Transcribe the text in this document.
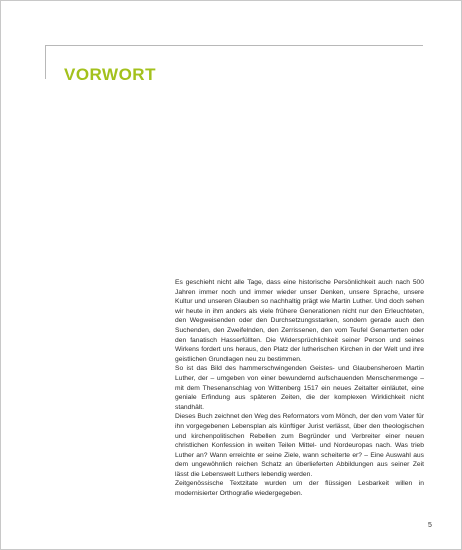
VORWORT

Es geschieht nicht alle Tage, dass eine historische Persönlichkeit auch nach 500 Jahren immer noch und immer wieder unser Denken, unsere Sprache, unsere Kultur und unseren Glauben so nachhaltig prägt wie Martin Luther. Und doch sehen wir heute in ihm anders als viele frühere Generationen nicht nur den Erleuchteten, den Wegweisenden oder den Durchsetzungsstarken, sondern gerade auch den Suchenden, den Zweifelnden, den Zerrissenen, den vom Teufel Genarrterten oder den fanatisch Hasserfüllten. Die Widersprüchlichkeit seiner Person und seines Wirkens fordert uns heraus, den Platz der lutherischen Kirchen in der Welt und ihre geistlichen Grundlagen neu zu bestimmen.

So ist das Bild des hammerschwingenden Geistes- und Glaubensheroen Martin Luther, der – umgeben von einer bewundernd aufschauenden Menschenmenge – mit dem Thesenanschlag von Wittenberg 1517 ein neues Zeitalter einläutet, eine geniale Erfindung aus späteren Zeiten, die der komplexen Wirklichkeit nicht standhält.

Dieses Buch zeichnet den Weg des Reformators vom Mönch, der den vom Vater für ihn vorgegebenen Lebensplan als künftiger Jurist verlässt, über den theologischen und kirchenpolitischen Rebellen zum Begründer und Verbreiter einer neuen christlichen Konfession in weiten Teilen Mittel- und Nordeuropas nach. Was trieb Luther an? Wann erreichte er seine Ziele, wann scheiterte er? – Eine Auswahl aus dem ungewöhnlich reichen Schatz an überlieferten Abbildungen aus seiner Zeit lässt die Lebenswelt Luthers lebendig werden.

Zeitgenössische Textzitate wurden um der flüssigen Lesbarkeit willen in modernisierter Orthografie wiedergegeben.

5
